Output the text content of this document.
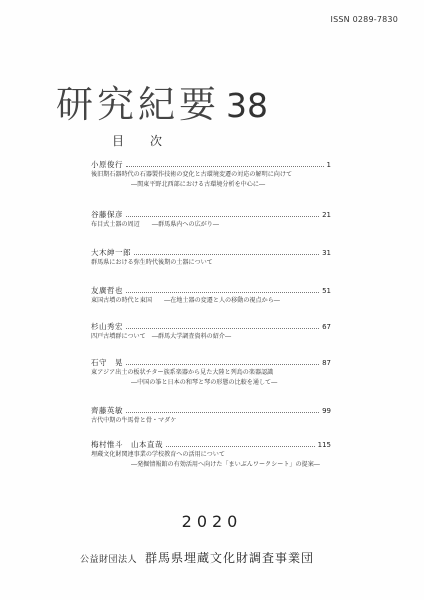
ISSN 0289-7830
研究紀要 38
目次
小原俊行	1
後旧期石器時代の石器製作技術の変化と古環境変遷の対応の解明に向けて
―関東平野北西部における古環境分析を中心に―
谷藤保彦	21
布目式土器の周辺　　―群馬県内への広がり―
大木紳一郎	31
群馬県における弥生時代後期の土器について
友廣哲也	51
東国古墳の時代と東国　　―在地土器の変遷と人の移動の視点から―
杉山秀宏	67
四戸古墳群について　―群馬大学調査資料の紹介―
石守　晃	87
東アジア出土の板状チター族系楽器から見た大陸と列島の楽器認識
―中国の筝と日本の和琴と琴の形態の比較を通して―
齊藤英敏	99
古代中期の牛馬骨と骨・マダケ
梅村惟斗　山本直哉	115
埋蔵文化財関連事業の学校教育への活用について
―発掘情報館の有効活用へ向けた「まいぶんワークシート」の提案―
2020
公益財団法人 群馬県埋蔵文化財調査事業団
